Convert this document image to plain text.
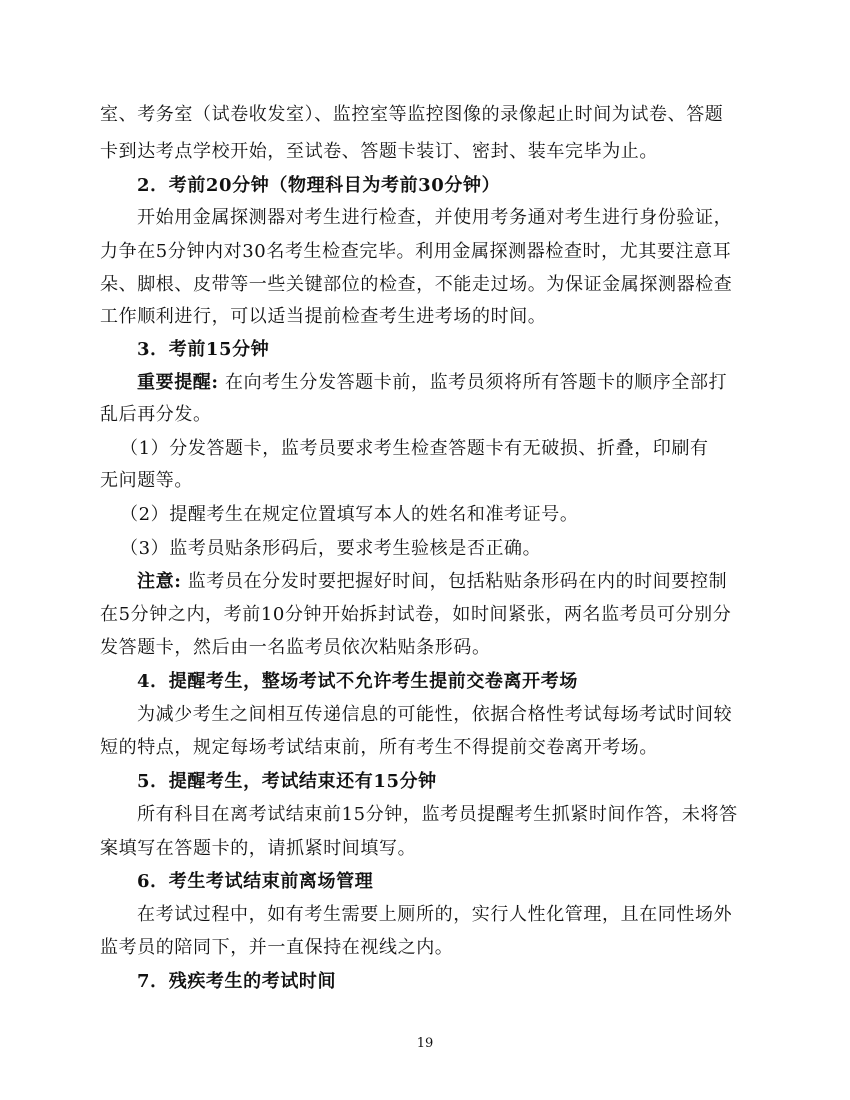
室、考务室（试卷收发室）、监控室等监控图像的录像起止时间为试卷、答题
卡到达考点学校开始，至试卷、答题卡装订、密封、装车完毕为止。
2．考前20分钟（物理科目为考前30分钟）
开始用金属探测器对考生进行检查，并使用考务通对考生进行身份验证，
力争在5分钟内对30名考生检查完毕。利用金属探测器检查时，尤其要注意耳
朵、脚根、皮带等一些关键部位的检查，不能走过场。为保证金属探测器检查
工作顺利进行，可以适当提前检查考生进考场的时间。
3．考前15分钟
重要提醒: 在向考生分发答题卡前，监考员须将所有答题卡的顺序全部打
乱后再分发。
（1）分发答题卡，监考员要求考生检查答题卡有无破损、折叠，印刷有
无问题等。
（2）提醒考生在规定位置填写本人的姓名和准考证号。
（3）监考员贴条形码后，要求考生验核是否正确。
注意: 监考员在分发时要把握好时间，包括粘贴条形码在内的时间要控制
在5分钟之内，考前10分钟开始拆封试卷，如时间紧张，两名监考员可分别分
发答题卡，然后由一名监考员依次粘贴条形码。
4．提醒考生，整场考试不允许考生提前交卷离开考场
为减少考生之间相互传递信息的可能性，依据合格性考试每场考试时间较
短的特点，规定每场考试结束前，所有考生不得提前交卷离开考场。
5．提醒考生，考试结束还有15分钟
所有科目在离考试结束前15分钟，监考员提醒考生抓紧时间作答，未将答
案填写在答题卡的，请抓紧时间填写。
6．考生考试结束前离场管理
在考试过程中，如有考生需要上厕所的，实行人性化管理，且在同性场外
监考员的陪同下，并一直保持在视线之内。
7．残疾考生的考试时间
19
